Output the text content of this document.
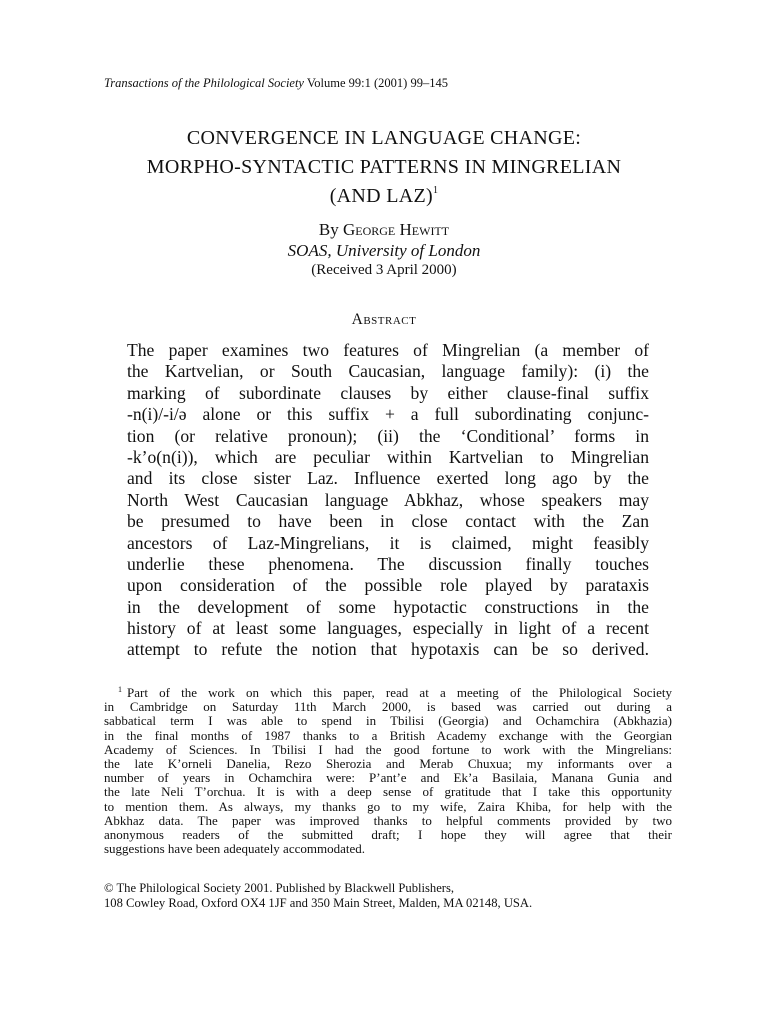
Transactions of the Philological Society Volume 99:1 (2001) 99–145
CONVERGENCE IN LANGUAGE CHANGE:
MORPHO-SYNTACTIC PATTERNS IN MINGRELIAN
(AND LAZ)$^1$
By George Hewitt
SOAS, University of London
(Received 3 April 2000)
Abstract
The paper examines two features of Mingrelian (a member of
the Kartvelian, or South Caucasian, language family): (i) the
marking of subordinate clauses by either clause-final suffix
-n(i)/-i/ə alone or this suffix + a full subordinating conjunc-
tion (or relative pronoun); (ii) the ‘Conditional’ forms in
-k’o(n(i)), which are peculiar within Kartvelian to Mingrelian
and its close sister Laz. Influence exerted long ago by the
North West Caucasian language Abkhaz, whose speakers may
be presumed to have been in close contact with the Zan
ancestors of Laz-Mingrelians, it is claimed, might feasibly
underlie these phenomena. The discussion finally touches
upon consideration of the possible role played by parataxis
in the development of some hypotactic constructions in the
history of at least some languages, especially in light of a recent
attempt to refute the notion that hypotaxis can be so derived.
$^1$ Part of the work on which this paper, read at a meeting of the Philological Society
in Cambridge on Saturday 11th March 2000, is based was carried out during a
sabbatical term I was able to spend in Tbilisi (Georgia) and Ochamchira (Abkhazia)
in the final months of 1987 thanks to a British Academy exchange with the Georgian
Academy of Sciences. In Tbilisi I had the good fortune to work with the Mingrelians:
the late K’orneli Danelia, Rezo Sherozia and Merab Chuxua; my informants over a
number of years in Ochamchira were: P’ant’e and Ek’a Basilaia, Manana Gunia and
the late Neli T’orchua. It is with a deep sense of gratitude that I take this opportunity
to mention them. As always, my thanks go to my wife, Zaira Khiba, for help with the
Abkhaz data. The paper was improved thanks to helpful comments provided by two
anonymous readers of the submitted draft; I hope they will agree that their
suggestions have been adequately accommodated.
© The Philological Society 2001. Published by Blackwell Publishers,
108 Cowley Road, Oxford OX4 1JF and 350 Main Street, Malden, MA 02148, USA.
